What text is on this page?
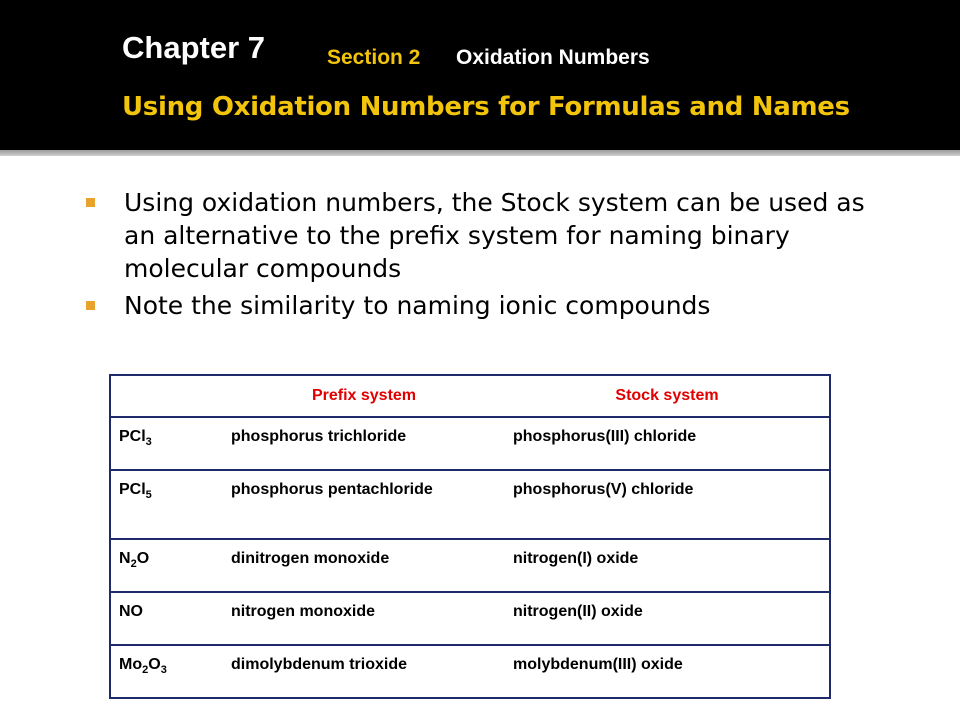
Chapter 7	Section 2 Oxidation Numbers
Using Oxidation Numbers for Formulas and Names
Using oxidation numbers, the Stock system can be used as an alternative to the prefix system for naming binary molecular compounds
Note the similarity to naming ionic compounds
	Prefix system	Stock system
PCl$_3$	phosphorus trichloride	phosphorus(III) chloride
PCl$_5$	phosphorus pentachloride	phosphorus(V) chloride
$N_2O$	dinitrogen monoxide	nitrogen(I) oxide
NO	nitrogen monoxide	nitrogen(II) oxide
$Mo_2O_3$	dimolybdenum trioxide	molybdenum(III) oxide
